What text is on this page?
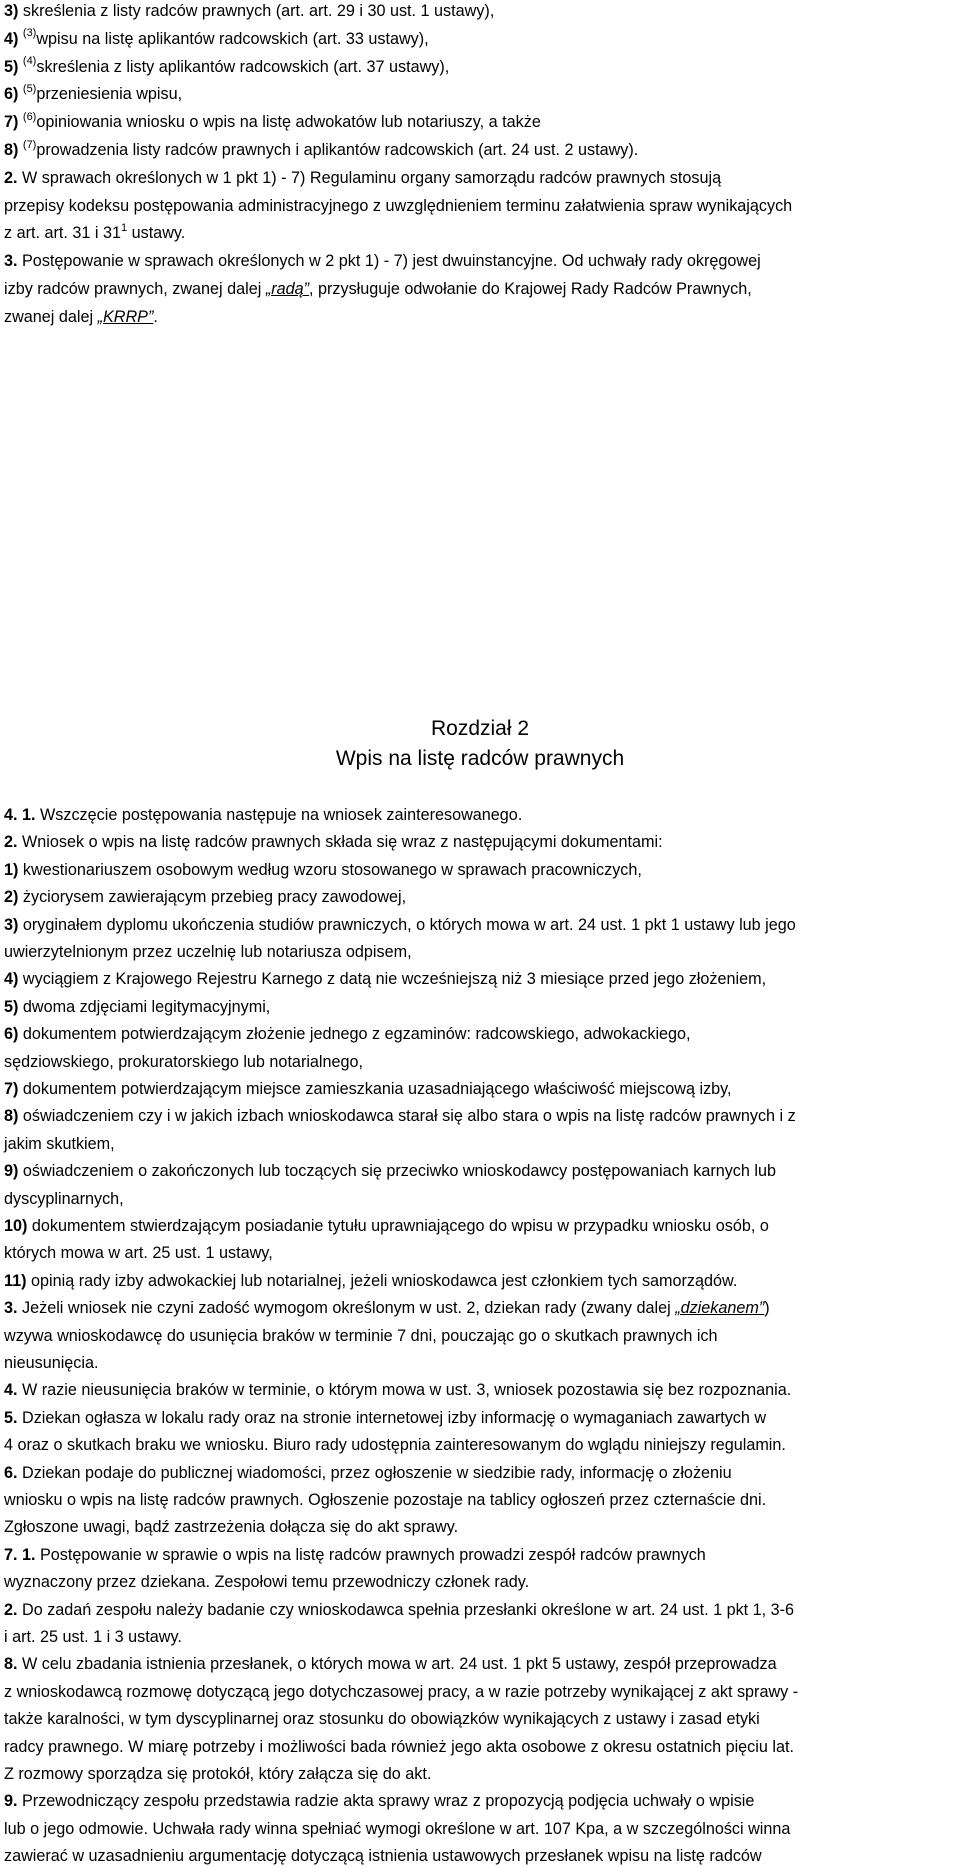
3) skreślenia z listy radców prawnych (art. art. 29 i 30 ust. 1 ustawy),
4) $^{(3)}$wpisu na listę aplikantów radcowskich (art. 33 ustawy),
5) $^{(4)}$skreślenia z listy aplikantów radcowskich (art. 37 ustawy),
6) $^{(5)}$przeniesienia wpisu,
7) $^{(6)}$opiniowania wniosku o wpis na listę adwokatów lub notariuszy, a także
8) $^{(7)}$prowadzenia listy radców prawnych i aplikantów radcowskich (art. 24 ust. 2 ustawy).
2. W sprawach określonych w 1 pkt 1) - 7) Regulaminu organy samorządu radców prawnych stosują
przepisy kodeksu postępowania administracyjnego z uwzględnieniem terminu załatwienia spraw wynikających
z art. art. 31 i $31^1$ ustawy.
3. Postępowanie w sprawach określonych w 2 pkt 1) - 7) jest dwuinstancyjne. Od uchwały rady okręgowej
izby radców prawnych, zwanej dalej „radą”, przysługuje odwołanie do Krajowej Rady Radców Prawnych,
zwanej dalej „KRRP”.
Rozdział 2
Wpis na listę radców prawnych
4. 1. Wszczęcie postępowania następuje na wniosek zainteresowanego.
2. Wniosek o wpis na listę radców prawnych składa się wraz z następującymi dokumentami:
1) kwestionariuszem osobowym według wzoru stosowanego w sprawach pracowniczych,
2) życiorysem zawierającym przebieg pracy zawodowej,
3) oryginałem dyplomu ukończenia studiów prawniczych, o których mowa w art. 24 ust. 1 pkt 1 ustawy lub jego
uwierzytelnionym przez uczelnię lub notariusza odpisem,
4) wyciągiem z Krajowego Rejestru Karnego z datą nie wcześniejszą niż 3 miesiące przed jego złożeniem,
5) dwoma zdjęciami legitymacyjnymi,
6) dokumentem potwierdzającym złożenie jednego z egzaminów: radcowskiego, adwokackiego,
sędziowskiego, prokuratorskiego lub notarialnego,
7) dokumentem potwierdzającym miejsce zamieszkania uzasadniającego właściwość miejscową izby,
8) oświadczeniem czy i w jakich izbach wnioskodawca starał się albo stara o wpis na listę radców prawnych i z
jakim skutkiem,
9) oświadczeniem o zakończonych lub toczących się przeciwko wnioskodawcy postępowaniach karnych lub
dyscyplinarnych,
10) dokumentem stwierdzającym posiadanie tytułu uprawniającego do wpisu w przypadku wniosku osób, o
których mowa w art. 25 ust. 1 ustawy,
11) opinią rady izby adwokackiej lub notarialnej, jeżeli wnioskodawca jest członkiem tych samorządów.
3. Jeżeli wniosek nie czyni zadość wymogom określonym w ust. 2, dziekan rady (zwany dalej „dziekanem”)
wzywa wnioskodawcę do usunięcia braków w terminie 7 dni, pouczając go o skutkach prawnych ich
nieusunięcia.
4. W razie nieusunięcia braków w terminie, o którym mowa w ust. 3, wniosek pozostawia się bez rozpoznania.
5. Dziekan ogłasza w lokalu rady oraz na stronie internetowej izby informację o wymaganiach zawartych w
4 oraz o skutkach braku we wniosku. Biuro rady udostępnia zainteresowanym do wglądu niniejszy regulamin.
6. Dziekan podaje do publicznej wiadomości, przez ogłoszenie w siedzibie rady, informację o złożeniu
wniosku o wpis na listę radców prawnych. Ogłoszenie pozostaje na tablicy ogłoszeń przez czternaście dni.
Zgłoszone uwagi, bądź zastrzeżenia dołącza się do akt sprawy.
7. 1. Postępowanie w sprawie o wpis na listę radców prawnych prowadzi zespół radców prawnych
wyznaczony przez dziekana. Zespołowi temu przewodniczy członek rady.
2. Do zadań zespołu należy badanie czy wnioskodawca spełnia przesłanki określone w art. 24 ust. 1 pkt 1, 3-6
i art. 25 ust. 1 i 3 ustawy.
8. W celu zbadania istnienia przesłanek, o których mowa w art. 24 ust. 1 pkt 5 ustawy, zespół przeprowadza
z wnioskodawcą rozmowę dotyczącą jego dotychczasowej pracy, a w razie potrzeby wynikającej z akt sprawy -
także karalności, w tym dyscyplinarnej oraz stosunku do obowiązków wynikających z ustawy i zasad etyki
radcy prawnego. W miarę potrzeby i możliwości bada również jego akta osobowe z okresu ostatnich pięciu lat.
Z rozmowy sporządza się protokół, który załącza się do akt.
9. Przewodniczący zespołu przedstawia radzie akta sprawy wraz z propozycją podjęcia uchwały o wpisie
lub o jego odmowie. Uchwała rady winna spełniać wymogi określone w art. 107 Kpa, a w szczególności winna
zawierać w uzasadnieniu argumentację dotyczącą istnienia ustawowych przesłanek wpisu na listę radców
